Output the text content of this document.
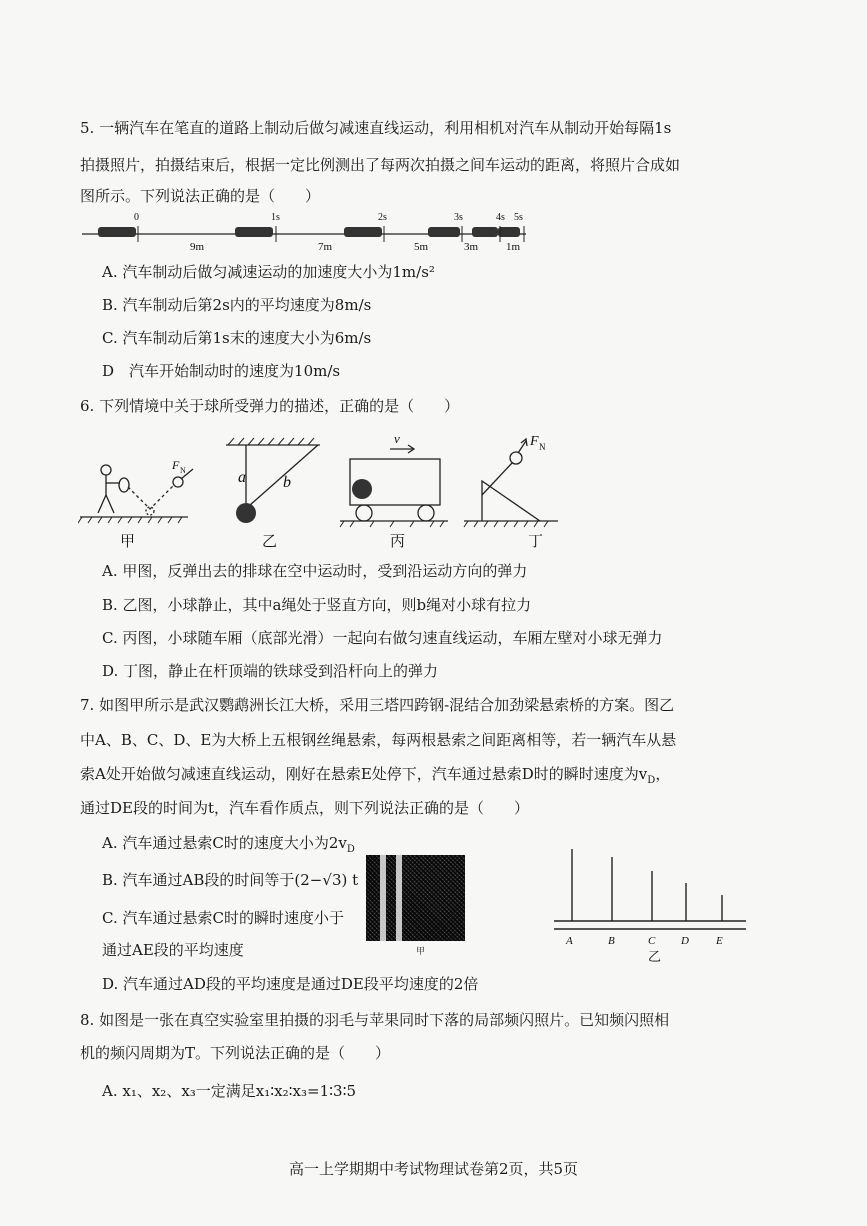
5. 一辆汽车在笔直的道路上制动后做匀减速直线运动，利用相机对汽车从制动开始每隔1s
拍摄照片，拍摄结束后，根据一定比例测出了每两次拍摄之间车运动的距离，将照片合成如
图所示。下列说法正确的是（　　）
0	1s	2s	3s	4s 5s
9m	7m	5m	3m	1m
A. 汽车制动后做匀减速运动的加速度大小为1m/s²
B. 汽车制动后第2s内的平均速度为8m/s
C. 汽车制动后第1s末的速度大小为6m/s
D　汽车开始制动时的速度为10m/s
6. 下列情境中关于球所受弹力的描述，正确的是（　　）
F N	a b
v	F N
甲	乙	丙	丁
A. 甲图，反弹出去的排球在空中运动时，受到沿运动方向的弹力
B. 乙图，小球静止，其中a绳处于竖直方向，则b绳对小球有拉力
C. 丙图，小球随车厢（底部光滑）一起向右做匀速直线运动，车厢左壁对小球无弹力
D. 丁图，静止在杆顶端的铁球受到沿杆向上的弹力
7. 如图甲所示是武汉鹦鹉洲长江大桥，采用三塔四跨钢-混结合加劲梁悬索桥的方案。图乙
中A、B、C、D、E为大桥上五根钢丝绳悬索，每两根悬索之间距离相等，若一辆汽车从悬
索A处开始做匀减速直线运动，刚好在悬索E处停下，汽车通过悬索D时的瞬时速度为$v_D$，
通过DE段的时间为t，汽车看作质点，则下列说法正确的是（　　）
A. 汽车通过悬索C时的速度大小为$2v_D$
B. 汽车通过AB段的时间等于(2−√3) t
C. 汽车通过悬索C时的瞬时速度小于
通过AE段的平均速度
D. 汽车通过AD段的平均速度是通过DE段平均速度的2倍
甲
A	B	C D E
乙
8. 如图是一张在真空实验室里拍摄的羽毛与苹果同时下落的局部频闪照片。已知频闪照相
机的频闪周期为T。下列说法正确的是（　　）
A. x₁、x₂、x₃一定满足x₁∶x₂∶x₃=1∶3∶5
高一上学期期中考试物理试卷第2页，共5页
